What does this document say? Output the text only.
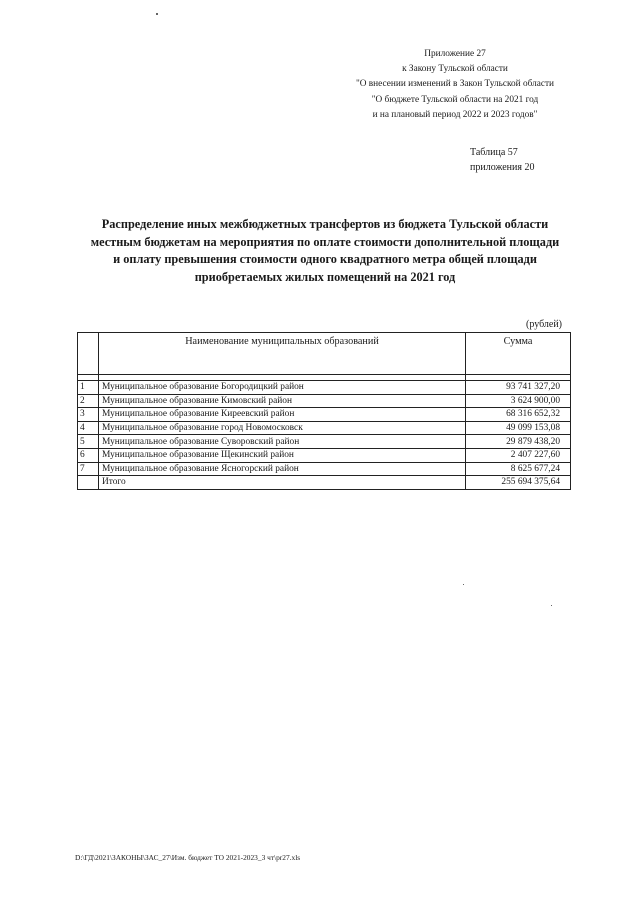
Приложение 27
к Закону Тульской области
"О внесении изменений в Закон Тульской области
"О бюджете Тульской области на 2021 год
и на плановый период 2022 и 2023 годов"
Таблица 57
приложения 20
Распределение иных межбюджетных трансфертов из бюджета Тульской области
местным бюджетам на мероприятия по оплате стоимости дополнительной площади
и оплату превышения стоимости одного квадратного метра общей площади
приобретаемых жилых помещений на 2021 год
(рублей)
	Наименование муниципальных образований	Сумма

1	Муниципальное образование Богородицкий район	93 741 327,20
2	Муниципальное образование Кимовский район	3 624 900,00
3	Муниципальное образование Киреевский район	68 316 652,32
4	Муниципальное образование город Новомосковск	49 099 153,08
5	Муниципальное образование Суворовский район	29 879 438,20
6	Муниципальное образование Щекинский район	2 407 227,60
7	Муниципальное образование Ясногорский район	8 625 677,24
	Итого	255 694 375,64
D:\ГД\2021\ЗАКОНЫ\ЗАС_27\Изм. бюджет ТО 2021-2023_3 чт\pr27.xls
